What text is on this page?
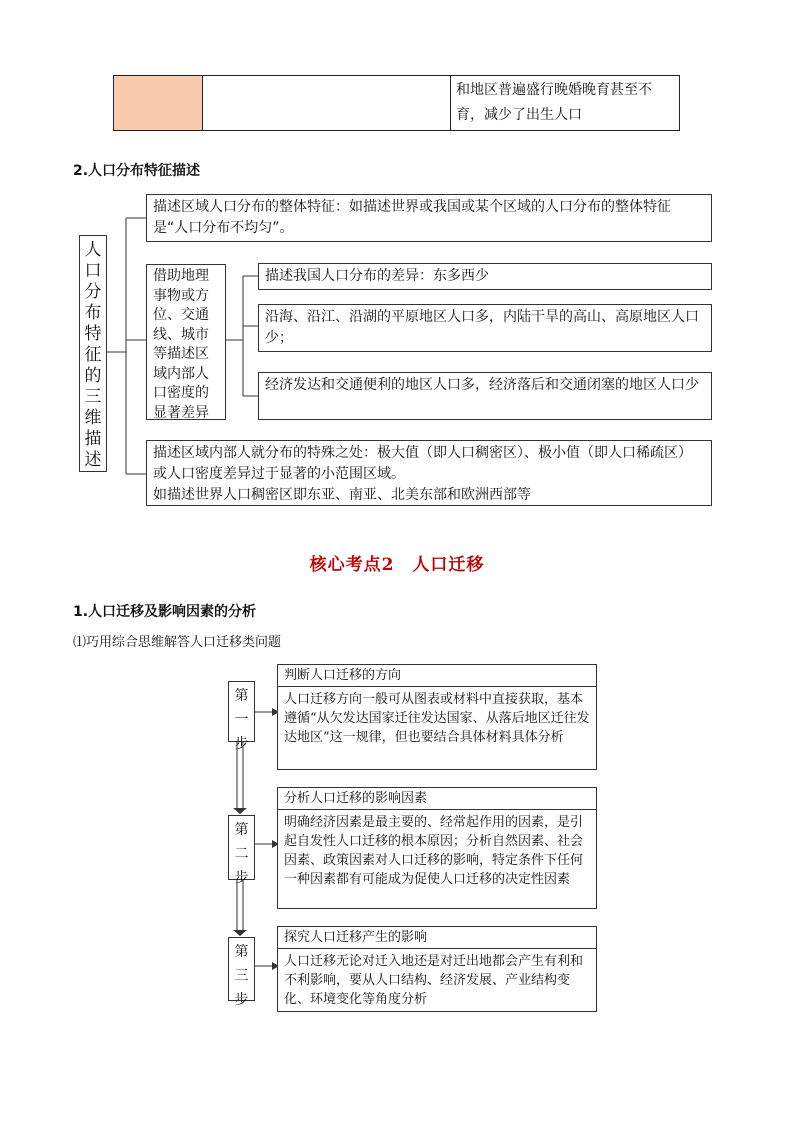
和地区普遍盛行晚婚晚育甚至不育，减少了出生人口
2.人口分布特征描述
人口分布特征的三维描述
描述区域人口分布的整体特征：如描述世界或我国或某个区域的人口分布的整体特征是“人口分布不均匀”。
借助地理事物或方位、交通线、城市等描述区域内部人口密度的显著差异
描述我国人口分布的差异：东多西少
沿海、沿江、沿湖的平原地区人口多，内陆干旱的高山、高原地区人口少；
经济发达和交通便利的地区人口多，经济落后和交通闭塞的地区人口少
描述区域内部人就分布的特殊之处：极大值（即人口稠密区）、极小值（即人口稀疏区）或人口密度差异过于显著的小范围区域。
如描述世界人口稠密区即东亚、南亚、北美东部和欧洲西部等
核心考点2　人口迁移
1.人口迁移及影响因素的分析
⑴巧用综合思维解答人口迁移类问题
第一步
判断人口迁移的方向
人口迁移方向一般可从图表或材料中直接获取，基本遵循“从欠发达国家迁往发达国家、从落后地区迁往发达地区”这一规律，但也要结合具体材料具体分析
第二步
分析人口迁移的影响因素
明确经济因素是最主要的、经常起作用的因素，是引起自发性人口迁移的根本原因；分析自然因素、社会因素、政策因素对人口迁移的影响，特定条件下任何一种因素都有可能成为促使人口迁移的决定性因素
第三步
探究人口迁移产生的影响
人口迁移无论对迁入地还是对迁出地都会产生有利和不利影响，要从人口结构、经济发展、产业结构变化、环境变化等角度分析
